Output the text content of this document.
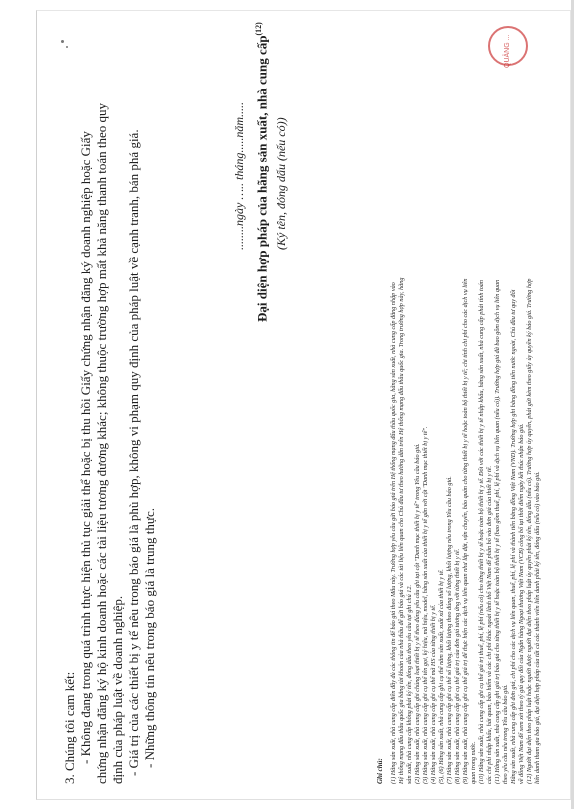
3. Chúng tôi cam kết: - Không đang trong quá trình thực hiện thủ tục giải thể hoặc bị thu hồi Giấy chứng nhận đăng ký doanh nghiệp hoặc Giấy chứng nhận đăng ký hộ kinh doanh hoặc các tài liệu tương đương khác; không thuộc trường hợp mất khả năng thanh toán theo quy định của pháp luật về doanh nghiệp. - Giá trị của các thiết bị y tế nêu trong báo giá là phù hợp, không vi phạm quy định của pháp luật về cạnh tranh, bán phá giá. - Những thông tin nêu trong báo giá là trung thực.

........ngày ….. tháng.....năm..... Đại diện hợp pháp của hãng sản xuất, nhà cung cấp$^{(12)}$

(Ký tên, đóng dấu (nếu có))

Ghi chú: (1) Hãng sản xuất, nhà cung cấp điền đầy đủ các thông tin để báo giá theo Mẫu này. Trường hợp yêu cầu gửi báo giá trên Hệ thống mạng đấu thầu quốc gia, hãng sản xuất, nhà cung cấp đăng nhập vào Hệ thống mạng đấu thầu quốc gia bằng tài khoản của nhà thầu để gửi báo giá và các tài liệu liên quan cho Chủ đầu tư theo hướng dẫn trên Hệ thống mạng đấu thầu quốc gia. Trong trường hợp này, hãng sản xuất, nhà cung cấp không phải ký tên, đóng dấu theo yêu cầu tại ghi chú 12. (2) Hãng sản xuất, nhà cung cấp ghi chủng loại thiết bị y tế theo đúng yêu cầu ghi tại cột "Danh mục thiết bị y tế" trong Yêu cầu báo giá. (3) Hãng sản xuất, nhà cung cấp ghi cụ thể tên gọi, ký hiệu, mã hiệu, model, hãng sản xuất của thiết bị y tế gắn với cột "Danh mục thiết bị y tế". (4) Hãng sản xuất, nhà cung cấp ghi cụ thể mã HS của từng thiết bị y tế. (5), (6) Hãng sản xuất, nhà cung cấp ghi cụ thể năm sản xuất, xuất xứ của thiết bị y tế. (7) Hãng sản xuất, nhà cung cấp ghi cụ thể số lượng, khối lượng theo đúng số lượng, khối lượng nêu trong Yêu cầu báo giá. (8) Hãng sản xuất, nhà cung cấp ghi cụ thể giá trị của đơn giá tương ứng với từng thiết bị y tế. (9) Hãng sản xuất, nhà cung cấp ghi cụ thể giá trị để thực hiện các dịch vụ liên quan như lắp đặt, vận chuyển, bảo quản cho từng thiết bị y tế hoặc toàn bộ thiết bị y tế; chi tính chi phí cho các dịch vụ liên quan trong nước. (10) Hãng sản xuất, nhà cung cấp ghi cụ thể giá trị thuế, phí, lệ phí (nếu có) cho từng thiết bị y tế hoặc toàn bộ thiết bị y tế. Đối với các thiết bị y tế nhập khẩu, hãng sản xuất, nhà cung cấp phải tính toán các chi phí nhập khẩu, hải quan, bảo hiểm và các chi phí khác ngoài lãnh thổ Việt Nam để phân bổ vào đơn giá của thiết bị y tế. (11) Hãng sản xuất, nhà cung cấp ghi giá trị báo giá cho từng thiết bị y tế hoặc toàn bộ thiết bị y tế (bao gồm thuế, phí, lệ phí và dịch vụ liên quan (nếu có)). Trường hợp giá đã bao gồm dịch vụ liên quan theo yêu cầu nêu trong Yêu cầu báo giá. Hãng sản xuất, nhà cung cấp ghi đơn giá, chi phí cho các dịch vụ liên quan, thuế, phí, lệ phí và thành tiền bằng đồng Việt Nam (VND). Trường hợp ghi bằng đồng tiền nước ngoài, Chủ đầu tư quy đổi về đồng Việt Nam để xem xét theo tỷ giá quy đổi của Ngân hàng Ngoại thương Việt Nam (VCB) công bố tại thời điểm ngày kết thúc nhận báo giá. (12) Người đại diện theo pháp luật hoặc người được người đại diện theo pháp luật ủy quyền phải ký tên, đóng dấu (nếu có). Trường hợp ủy quyền, phải gửi kèm theo giấy ủy quyền ký báo giá. Trường hợp liên danh tham gia báo giá, đại diện hợp pháp của tất cả các thành viên liên danh phải ký tên, đóng dấu (nếu có) vào báo giá.

QUẢNG ...
